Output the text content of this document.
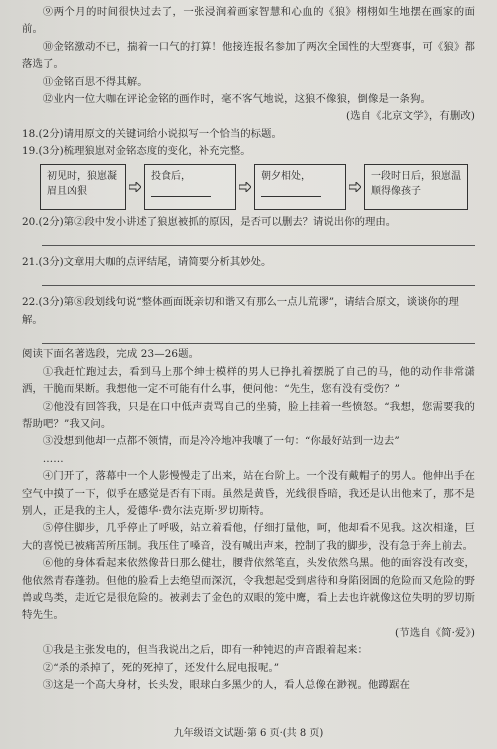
⑨两个月的时间很快过去了，一张浸润着画家智慧和心血的《狼》栩栩如生地摆在画家的面前。

⑩金铭激动不已，揣着一口气的打算！他接连报名参加了两次全国性的大型赛事，可《狼》都落选了。

⑪金铭百思不得其解。

⑫业内一位大咖在评论金铭的画作时，毫不客气地说，这狼不像狼，倒像是一条狗。

(选自《北京文学》，有删改)

18.(2分)请用原文的关键词给小说拟写一个恰当的标题。

19.(3分)梳理狼崽对金铭态度的变化，补充完整。

初见时，狼崽凝眉且凶狠
投食后，	朝夕相处，	一段时日后，狼崽温顺得像孩子

20.(2分)第②段中发小讲述了狼崽被抓的原因，是否可以删去？请说出你的理由。

21.(3分)文章用大咖的点评结尾，请简要分析其妙处。

22.(3分)第⑧段划线句说“整体画面既亲切和谐又有那么一点儿荒谬”，请结合原文，谈谈你的理解。

阅读下面名著选段，完成 23—26题。

①我赶忙跑过去，看到马上那个绅士模样的男人已挣扎着摆脱了自己的马，他的动作非常潇洒，干脆而果断。我想他一定不可能有什么事，便问他：“先生，您有没有受伤？”

②他没有回答我，只是在口中低声责骂自己的坐骑，脸上挂着一些愤怒。“我想，您需要我的帮助吧？”我又问。

③没想到他却一点都不领情，而是冷冷地冲我嚷了一句：“你最好站到一边去”

……

④门开了，落幕中一个人影慢慢走了出来，站在台阶上。一个没有戴帽子的男人。他伸出手在空气中摸了一下，似乎在感觉是否有下雨。虽然是黄昏，光线很昏暗，我还是认出他来了，那不是别人，正是我的主人，爱德华·费尔法克斯·罗切斯特。

⑤停住脚步，几乎停止了呼吸，站立着看他，仔细打量他，呵，他却看不见我。这次相逢，巨大的喜悦已被痛苦所压制。我压住了嗓音，没有喊出声来，控制了我的脚步，没有急于奔上前去。

⑥他的身体看起来依然像昔日那么健壮，腰背依然笔直，头发依然乌黑。他的面容没有改变，他依然青春蓬勃。但他的脸看上去绝望而深沉，令我想起受到虐待和身陷囹圄的危险而又危险的野兽或鸟类，走近它是很危险的。被剥去了金色的双眼的笼中鹰，看上去也许就像这位失明的罗切斯特先生。

(节选自《简·爱》)

①我是主张发电的，但当我说出之后，即有一种钝迟的声音跟着起来：

②“杀的杀掉了，死的死掉了，还发什么屁电报呢。”

③这是一个高大身材，长头发，眼球白多黑少的人，看人总像在渺视。他蹲踞在

九年级语文试题·第 6 页·(共 8 页)
